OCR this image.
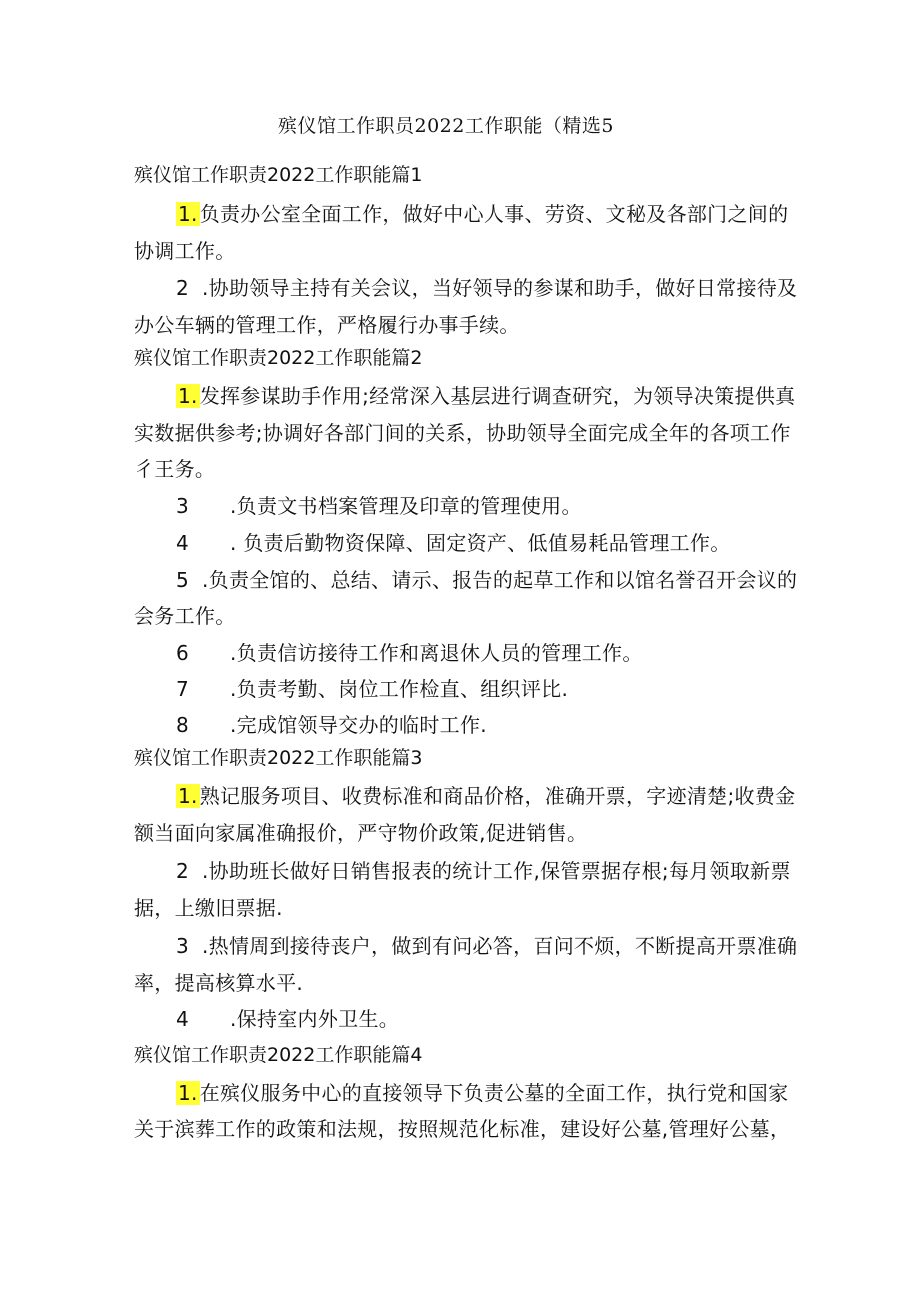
殡仪馆工作职员2022工作职能（精选5
殡仪馆工作职责2022工作职能篇1
1. 负责办公室全面工作，做好中心人事、劳资、文秘及各部门之间的
协调工作。
2 .协助领导主持有关会议，当好领导的参谋和助手，做好日常接待及
办公车辆的管理工作，严格履行办事手续。
殡仪馆工作职责2022工作职能篇2
1. 发挥参谋助手作用;经常深入基层进行调查研究，为领导决策提供真
实数据供参考;协调好各部门间的关系，协助领导全面完成全年的各项工作
彳王务。
3 .负责文书档案管理及印章的管理使用。
4 . 负责后勤物资保障、固定资产、低值易耗品管理工作。
5 .负责全馆的、总结、请示、报告的起草工作和以馆名誉召开会议的
会务工作。
6 .负责信访接待工作和离退休人员的管理工作。
7 .负责考勤、岗位工作检直、组织评比.
8 .完成馆领导交办的临时工作.
殡仪馆工作职责2022工作职能篇3
1. 熟记服务项目、收费标准和商品价格，准确开票，字迹清楚;收费金
额当面向家属准确报价，严守物价政策,促进销售。
2 .协助班长做好日销售报表的统计工作,保管票据存根;每月领取新票
据，上缴旧票据.
3 .热情周到接待丧户，做到有问必答，百问不烦，不断提高开票准确
率，提高核算水平.
4 .保持室内外卫生。
殡仪馆工作职责2022工作职能篇4
1. 在殡仪服务中心的直接领导下负责公墓的全面工作，执行党和国家
关于滨葬工作的政策和法规，按照规范化标准，建设好公墓,管理好公墓，
